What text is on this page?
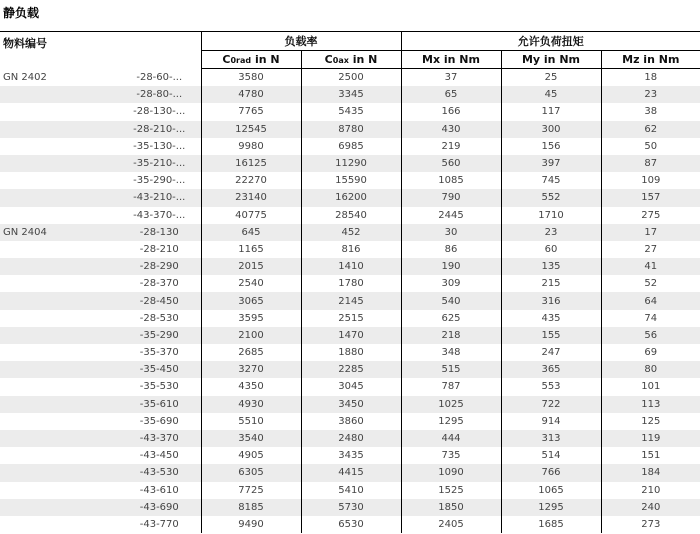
静负载
物料编号		负载率		允许负荷扭矩		
		C0rad in N	C0ax in N	Mx in Nm	My in Nm	Mz in Nm
GN 2402	-28-60-...	3580	2500	37	25	18
	-28-80-...	4780	3345	65	45	23
	-28-130-...	7765	5435	166	117	38
	-28-210-...	12545	8780	430	300	62
	-35-130-...	9980	6985	219	156	50
	-35-210-...	16125	11290	560	397	87
	-35-290-...	22270	15590	1085	745	109
	-43-210-...	23140	16200	790	552	157
	-43-370-...	40775	28540	2445	1710	275
GN 2404	-28-130	645	452	30	23	17
	-28-210	1165	816	86	60	27
	-28-290	2015	1410	190	135	41
	-28-370	2540	1780	309	215	52
	-28-450	3065	2145	540	316	64
	-28-530	3595	2515	625	435	74
	-35-290	2100	1470	218	155	56
	-35-370	2685	1880	348	247	69
	-35-450	3270	2285	515	365	80
	-35-530	4350	3045	787	553	101
	-35-610	4930	3450	1025	722	113
	-35-690	5510	3860	1295	914	125
	-43-370	3540	2480	444	313	119
	-43-450	4905	3435	735	514	151
	-43-530	6305	4415	1090	766	184
	-43-610	7725	5410	1525	1065	210
	-43-690	8185	5730	1850	1295	240
	-43-770	9490	6530	2405	1685	273
